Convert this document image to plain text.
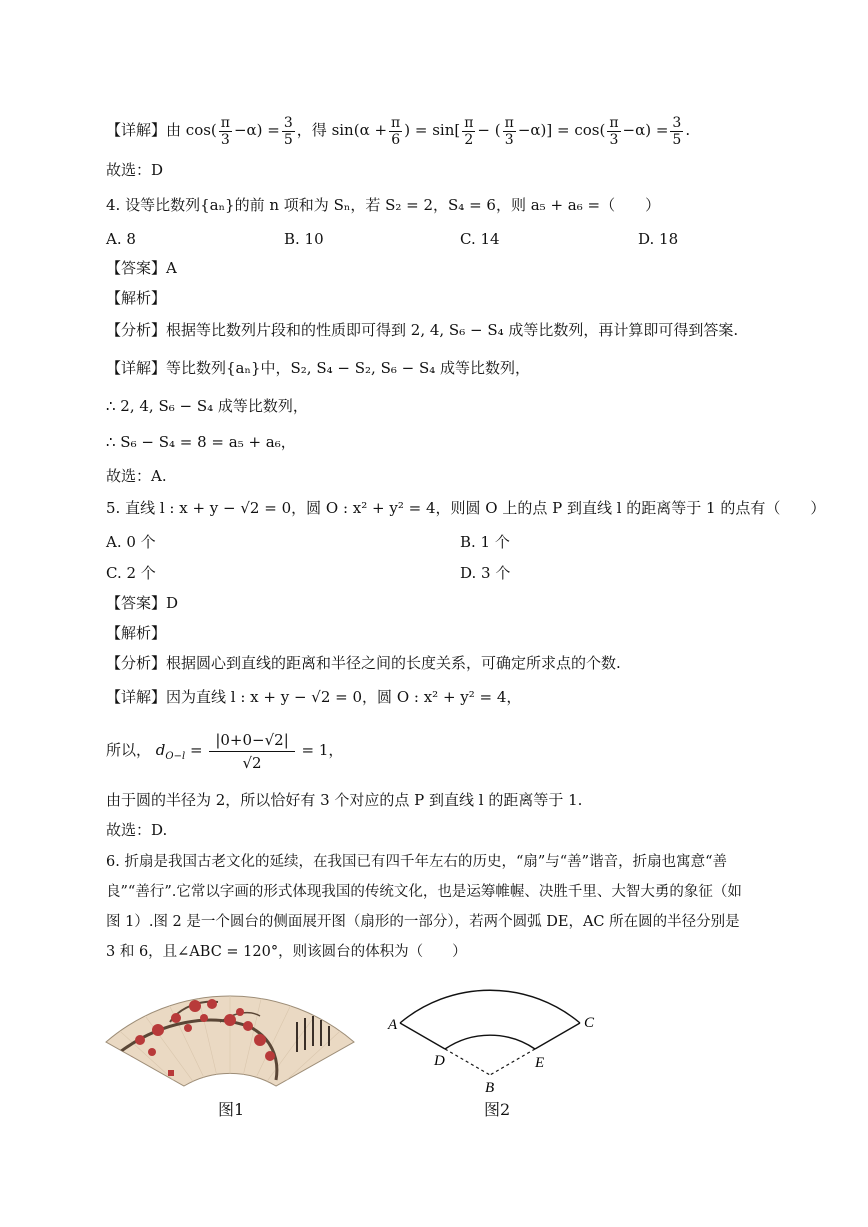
【详解】由 $\cos( \frac{\pi}{3} -\alpha) = \frac{3}{5}$ ，得 $\sin(\alpha + \frac{\pi}{6}$ ) = $\sin[ \frac{\pi}{2}$ − ( $\frac{\pi}{3} -\alpha)] = \cos( \frac{\pi}{3} -\alpha) = \frac{3}{5}$ .
故选：D
4. 设等比数列{aₙ}的前 n 项和为 Sₙ，若 S₂ = 2，S₄ = 6，则 a₅ + a₆ =（　　）
A. 8	B. 10	C. 14	D. 18
【答案】A
【解析】
【分析】根据等比数列片段和的性质即可得到 2, 4, S₆ − S₄ 成等比数列，再计算即可得到答案.
【详解】等比数列{aₙ}中，S₂, S₄ − S₂, S₆ − S₄ 成等比数列，
∴ 2, 4, S₆ − S₄ 成等比数列，
∴ S₆ − S₄ = 8 = a₅ + a₆，
故选：A.
5. 直线 l : x + y − √2 = 0，圆 O : x² + y² = 4，则圆 O 上的点 P 到直线 l 的距离等于 1 的点有（　　）
A. 0 个	B. 1 个
C. 2 个	D. 3 个
【答案】D
【解析】
【分析】根据圆心到直线的距离和半径之间的长度关系，可确定所求点的个数.
【详解】因为直线 l : x + y − √2 = 0，圆 O : x² + y² = 4，
所以， $d_{O-l} = \frac{|0+0-√2|}{√2} = 1$，
由于圆的半径为 2，所以恰好有 3 个对应的点 P 到直线 l 的距离等于 1.
故选：D.
6. 折扇是我国古老文化的延续，在我国已有四千年左右的历史，“扇”与“善”谐音，折扇也寓意“善
良”“善行”.它常以字画的形式体现我国的传统文化，也是运筹帷幄、决胜千里、大智大勇的象征（如
图 1）.图 2 是一个圆台的侧面展开图（扇形的一部分），若两个圆弧 DE，AC 所在圆的半径分别是
3 和 6，且∠ABC = 120°，则该圆台的体积为（　　）
图1
A	C
D	E
B
图2
